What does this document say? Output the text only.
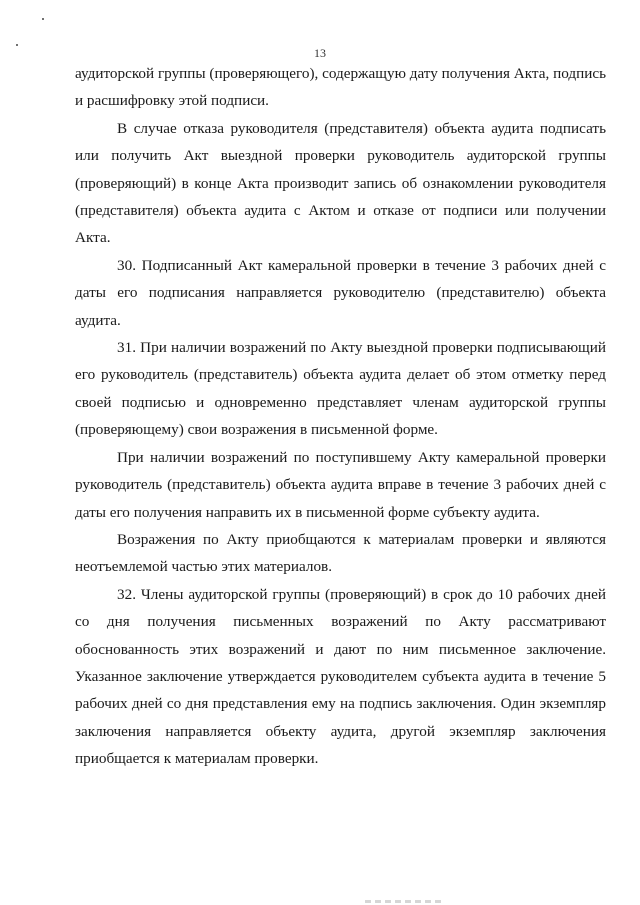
13

аудиторской группы (проверяющего), содержащую дату получения Акта, подпись и расшифровку этой подписи.

В случае отказа руководителя (представителя) объекта аудита подписать или получить Акт выездной проверки руководитель аудиторской группы (проверяющий) в конце Акта производит запись об ознакомлении руководителя (представителя) объекта аудита с Актом и отказе от подписи или получении Акта.

30. Подписанный Акт камеральной проверки в течение 3 рабочих дней с даты его подписания направляется руководителю (представителю) объекта аудита.

31. При наличии возражений по Акту выездной проверки подписывающий его руководитель (представитель) объекта аудита делает об этом отметку перед своей подписью и одновременно представляет членам аудиторской группы (проверяющему) свои возражения в письменной форме.

При наличии возражений по поступившему Акту камеральной проверки руководитель (представитель) объекта аудита вправе в течение 3 рабочих дней с даты его получения направить их в письменной форме субъекту аудита.

Возражения по Акту приобщаются к материалам проверки и являются неотъемлемой частью этих материалов.

32. Члены аудиторской группы (проверяющий) в срок до 10 рабочих дней со дня получения письменных возражений по Акту рассматривают обоснованность этих возражений и дают по ним письменное заключение. Указанное заключение утверждается руководителем субъекта аудита в течение 5 рабочих дней со дня представления ему на подпись заключения. Один экземпляр заключения направляется объекту аудита, другой экземпляр заключения приобщается к материалам проверки.
